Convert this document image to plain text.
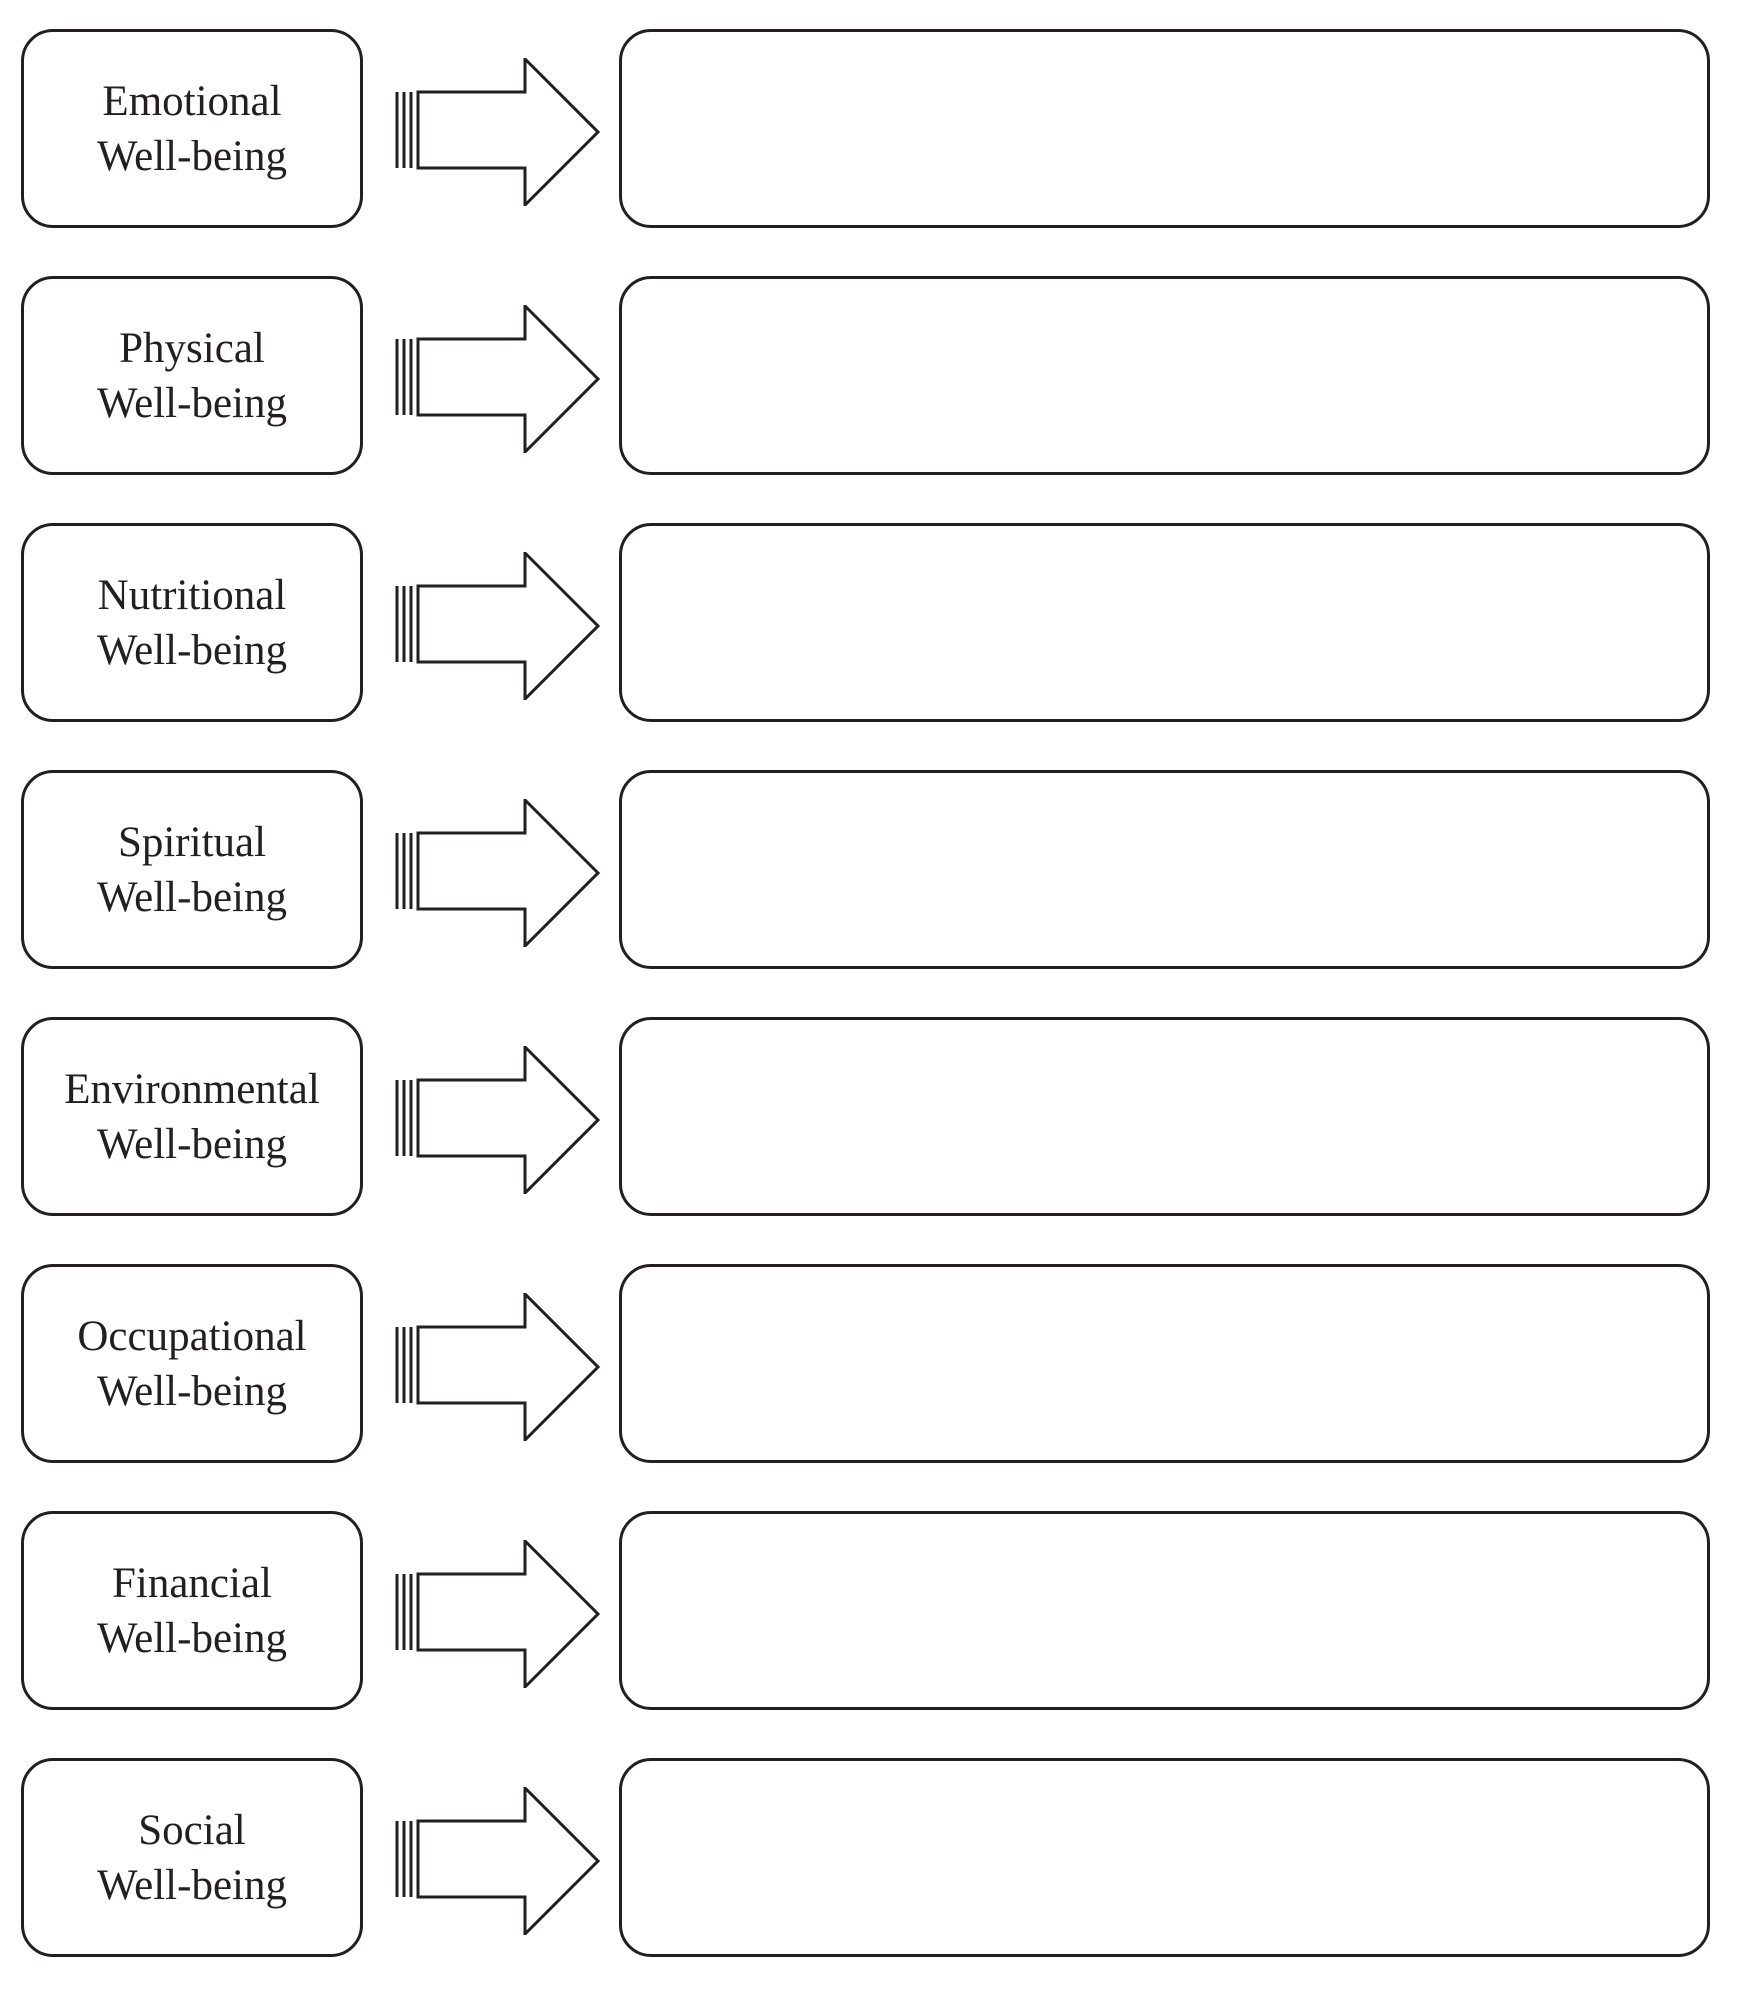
Emotional
Well-being
Physical
Well-being
Nutritional
Well-being
Spiritual
Well-being
Environmental
Well-being
Occupational
Well-being
Financial
Well-being
Social
Well-being
